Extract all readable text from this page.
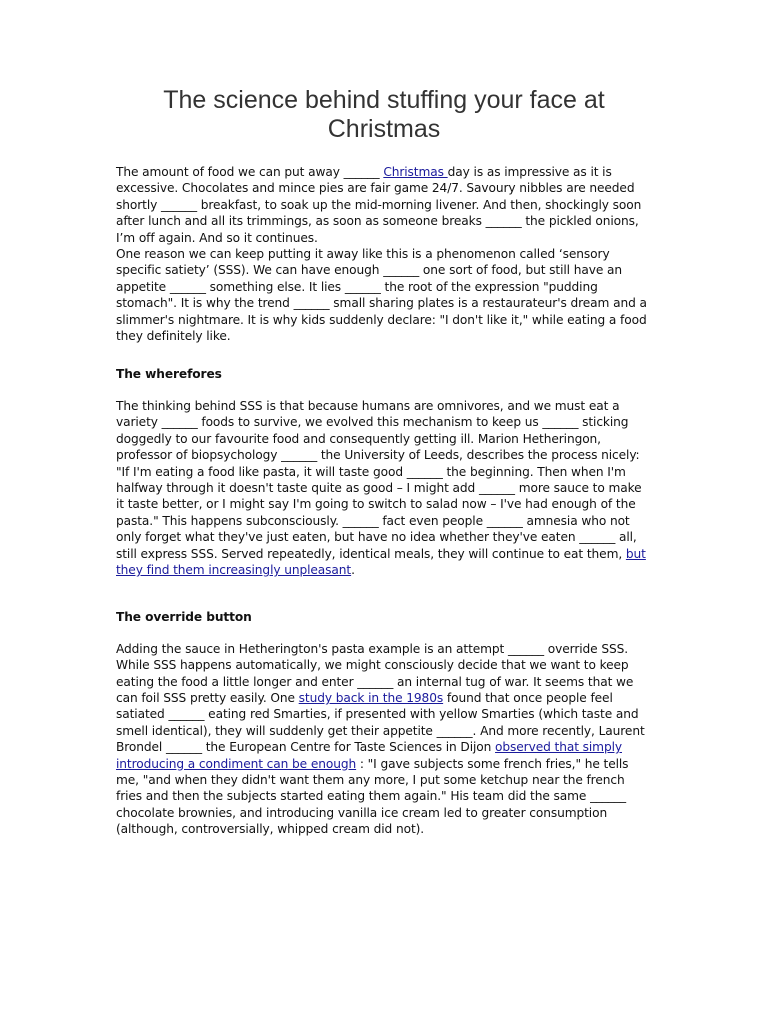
The science behind stuffing your face at Christmas

The amount of food we can put away ______ Christmas day is as impressive as it is excessive. Chocolates and mince pies are fair game 24/7. Savoury nibbles are needed shortly ______ breakfast, to soak up the mid-morning livener. And then, shockingly soon after lunch and all its trimmings, as soon as someone breaks ______ the pickled onions, I’m off again. And so it continues.

One reason we can keep putting it away like this is a phenomenon called ‘sensory specific satiety’ (SSS). We can have enough ______ one sort of food, but still have an appetite ______ something else. It lies ______ the root of the expression "pudding stomach". It is why the trend ______ small sharing plates is a restaurateur's dream and a slimmer's nightmare. It is why kids suddenly declare: "I don't like it," while eating a food they definitely like.

The wherefores

The thinking behind SSS is that because humans are omnivores, and we must eat a variety ______ foods to survive, we evolved this mechanism to keep us ______ sticking doggedly to our favourite food and consequently getting ill. Marion Hetheringon, professor of biopsychology ______ the University of Leeds, describes the process nicely: "If I'm eating a food like pasta, it will taste good ______ the beginning. Then when I'm halfway through it doesn't taste quite as good – I might add ______ more sauce to make it taste better, or I might say I'm going to switch to salad now – I've had enough of the pasta." This happens subconsciously. ______ fact even people ______ amnesia who not only forget what they've just eaten, but have no idea whether they've eaten ______ all, still express SSS. Served repeatedly, identical meals, they will continue to eat them, but they find them increasingly unpleasant.

The override button

Adding the sauce in Hetherington's pasta example is an attempt ______ override SSS. While SSS happens automatically, we might consciously decide that we want to keep eating the food a little longer and enter ______ an internal tug of war. It seems that we can foil SSS pretty easily. One study back in the 1980s found that once people feel satiated ______ eating red Smarties, if presented with yellow Smarties (which taste and smell identical), they will suddenly get their appetite ______. And more recently, Laurent Brondel ______ the European Centre for Taste Sciences in Dijon observed that simply introducing a condiment can be enough : "I gave subjects some french fries," he tells me, "and when they didn't want them any more, I put some ketchup near the french fries and then the subjects started eating them again." His team did the same ______ chocolate brownies, and introducing vanilla ice cream led to greater consumption (although, controversially, whipped cream did not).
